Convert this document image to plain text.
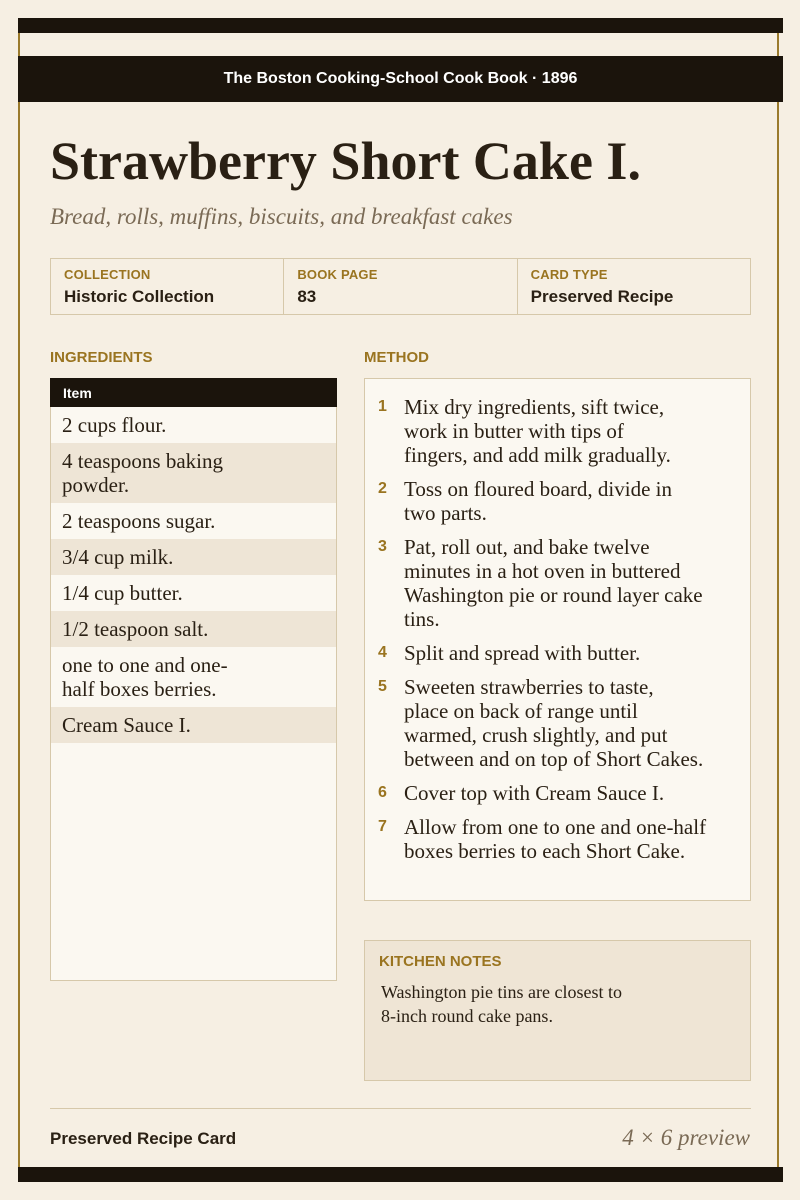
The Boston Cooking-School Cook Book · 1896
Strawberry Short Cake I.
Bread, rolls, muffins, biscuits, and breakfast cakes
COLLECTION
Historic Collection
BOOK PAGE
83
CARD TYPE
Preserved Recipe
INGREDIENTS	METHOD
Item
2 cups flour.
4 teaspoons baking
powder.
2 teaspoons sugar.
3/4 cup milk.
1/4 cup butter.
1/2 teaspoon salt.
one to one and one-
half boxes berries.
Cream Sauce I.
1 Mix dry ingredients, sift twice,
work in butter with tips of
fingers, and add milk gradually.
2 Toss on floured board, divide in
two parts.
3 Pat, roll out, and bake twelve
minutes in a hot oven in buttered
Washington pie or round layer cake
tins.
4 Split and spread with butter.
5 Sweeten strawberries to taste,
place on back of range until
warmed, crush slightly, and put
between and on top of Short Cakes.
6 Cover top with Cream Sauce I.
7 Allow from one to one and one-half
boxes berries to each Short Cake.
KITCHEN NOTES
Washington pie tins are closest to
8-inch round cake pans.
Preserved Recipe Card	4 × 6 preview
